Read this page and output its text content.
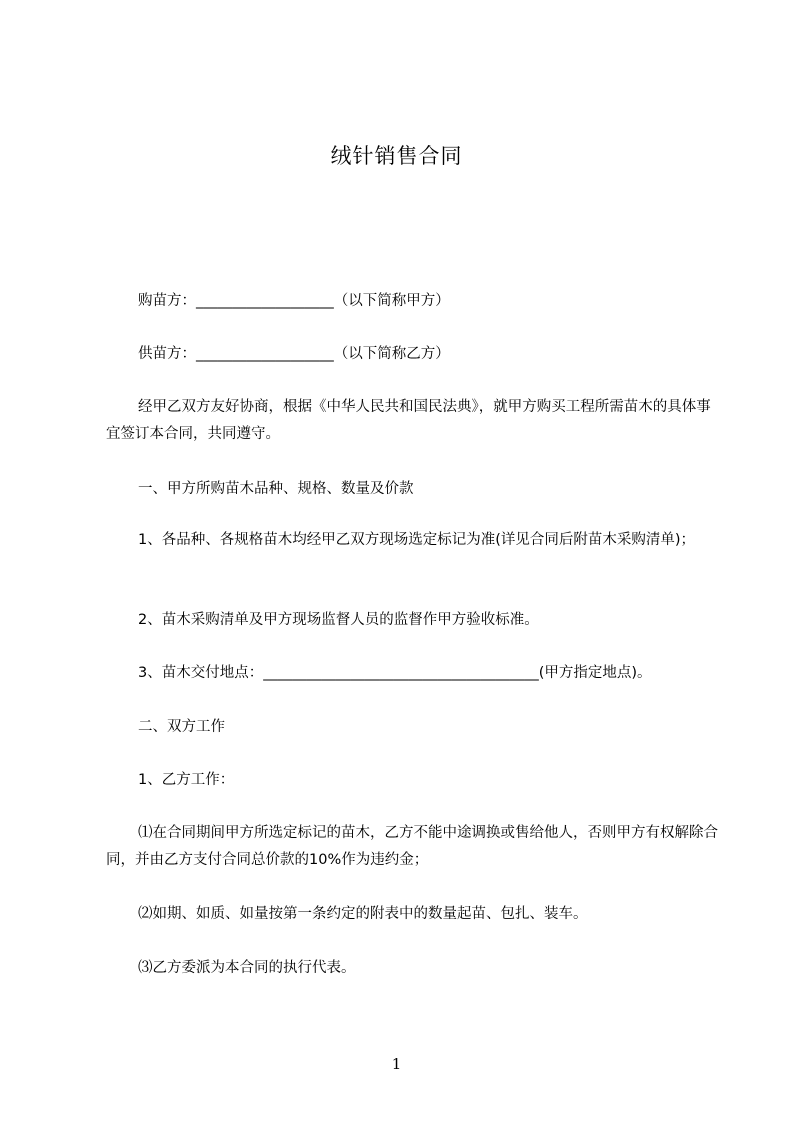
绒针销售合同

购苗方：___________________（以下简称甲方）

供苗方：___________________（以下简称乙方）

经甲乙双方友好协商，根据《中华人民共和国民法典》，就甲方购买工程所需苗木的具体事宜签订本合同，共同遵守。

一、甲方所购苗木品种、规格、数量及价款

1、各品种、各规格苗木均经甲乙双方现场选定标记为准(详见合同后附苗木采购清单)；

2、苗木采购清单及甲方现场监督人员的监督作甲方验收标准。

3、苗木交付地点：______________________________________(甲方指定地点)。

二、双方工作

1、乙方工作：

⑴在合同期间甲方所选定标记的苗木，乙方不能中途调换或售给他人，否则甲方有权解除合同，并由乙方支付合同总价款的10%作为违约金；

⑵如期、如质、如量按第一条约定的附表中的数量起苗、包扎、装车。

⑶乙方委派为本合同的执行代表。

1
